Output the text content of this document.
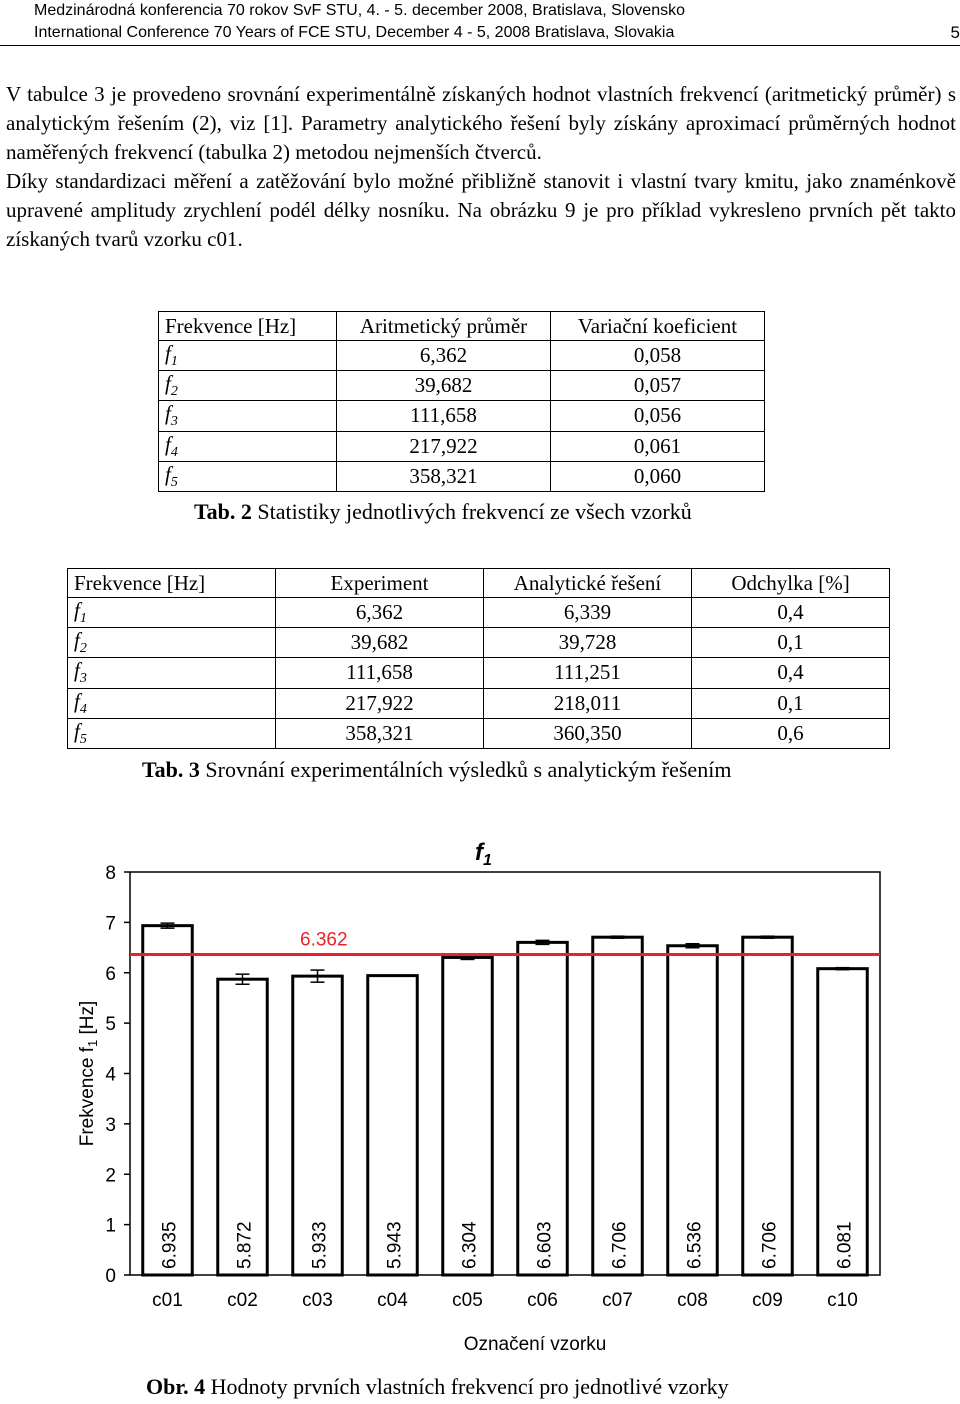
Medzinárodná konferencia 70 rokov SvF STU, 4. - 5. december 2008, Bratislava, Slovensko
International Conference 70 Years of FCE STU, December 4 - 5, 2008 Bratislava, Slovakia	5

V tabulce 3 je provedeno srovnání experimentálně získaných hodnot vlastních frekvencí (aritmetický průměr) s analytickým řešením (2), viz [1]. Parametry analytického řešení byly získány aproximací průměrných hodnot naměřených frekvencí (tabulka 2) metodou nejmenších čtverců.

Díky standardizaci měření a zatěžování bylo možné přibližně stanovit i vlastní tvary kmitu, jako znaménkově upravené amplitudy zrychlení podél délky nosníku. Na obrázku 9 je pro příklad vykresleno prvních pět takto získaných tvarů vzorku c01.

Frekvence [Hz]	Aritmetický průměr	Variační koeficient
$f_1$	6,362	0,058
$f_2$	39,682	0,057
$f_3$	111,658	0,056
$f_4$	217,922	0,061
$f_5$	358,321	0,060
Tab. 2 Statistiky jednotlivých frekvencí ze všech vzorků
Frekvence [Hz]	Experiment	Analytické řešení	Odchylka [%]
$f_1$	6,362	6,339	0,4
$f_2$	39,682	39,728	0,1
$f_3$	111,658	111,251	0,4
$f_4$	217,922	218,011	0,1
$f_5$	358,321	360,350	0,6
Tab. 3 Srovnání experimentálních výsledků s analytickým řešením
$f_1$
0
1
2
3
4
5
6
7
8
Frekvence $f_1$ [Hz]
6.935
c01
5.872
c02
5.933
c03
5.943
c04
6.304
c05
6.603
c06
6.706
c07
6.536
c08
6.706
c09
6.081
c10
6.362
Označení vzorku
Obr. 4 Hodnoty prvních vlastních frekvencí pro jednotlivé vzorky
